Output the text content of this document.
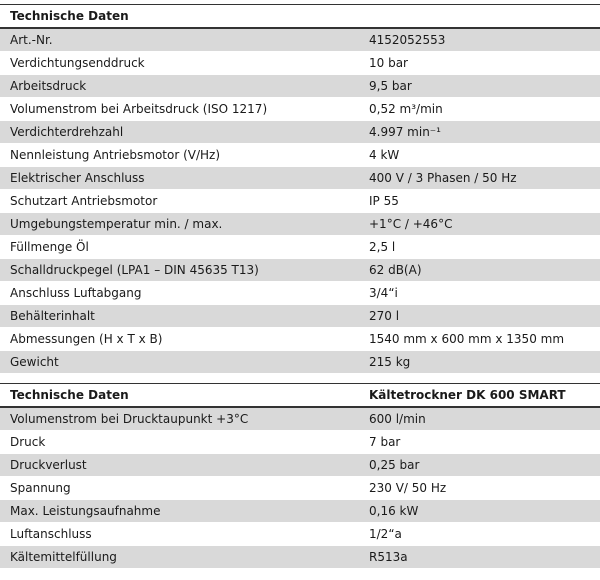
Technische Daten	
Art.-Nr.	4152052553
Verdichtungsenddruck	10 bar
Arbeitsdruck	9,5 bar
Volumenstrom bei Arbeitsdruck (ISO 1217)	0,52 m³/min
Verdichterdrehzahl	4.997 min⁻¹
Nennleistung Antriebsmotor (V/Hz)	4 kW
Elektrischer Anschluss	400 V / 3 Phasen / 50 Hz
Schutzart Antriebsmotor	IP 55
Umgebungstemperatur min. / max.	+1°C / +46°C
Füllmenge Öl	2,5 l
Schalldruckpegel (LPA1 – DIN 45635 T13)	62 dB(A)
Anschluss Luftabgang	3/4“i
Behälterinhalt	270 l
Abmessungen (H x T x B)	1540 mm x 600 mm x 1350 mm
Gewicht	215 kg
Technische Daten	Kältetrockner DK 600 SMART
Volumenstrom bei Drucktaupunkt +3°C	600 l/min
Druck	7 bar
Druckverlust	0,25 bar
Spannung	230 V/ 50 Hz
Max. Leistungsaufnahme	0,16 kW
Luftanschluss	1/2“a
Kältemittelfüllung	R513a
